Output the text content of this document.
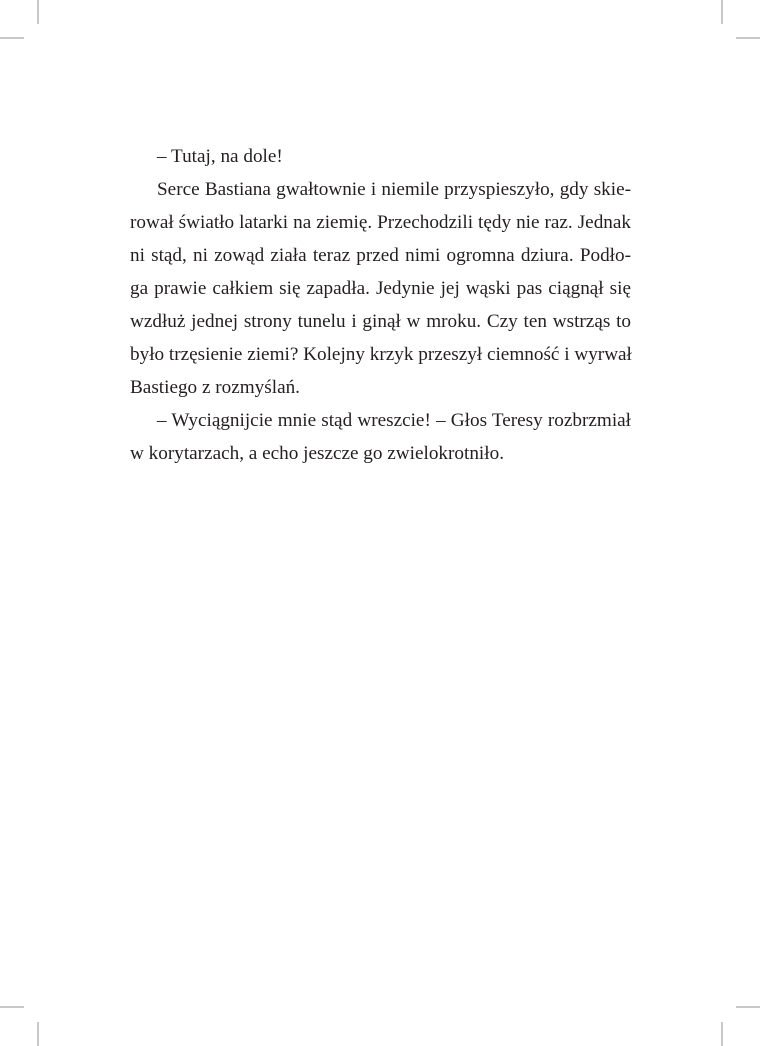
– Tutaj, na dole!
Serce Bastiana gwałtownie i niemile przyspieszyło, gdy skie-
rował światło latarki na ziemię. Przechodzili tędy nie raz. Jednak
ni stąd, ni zowąd ziała teraz przed nimi ogromna dziura. Podło-
ga prawie całkiem się zapadła. Jedynie jej wąski pas ciągnął się
wzdłuż jednej strony tunelu i ginął w mroku. Czy ten wstrząs to
było trzęsienie ziemi? Kolejny krzyk przeszył ciemność i wyrwał
Bastiego z rozmyślań.
– Wyciągnijcie mnie stąd wreszcie! – Głos Teresy rozbrzmiał
w korytarzach, a echo jeszcze go zwielokrotniło.
